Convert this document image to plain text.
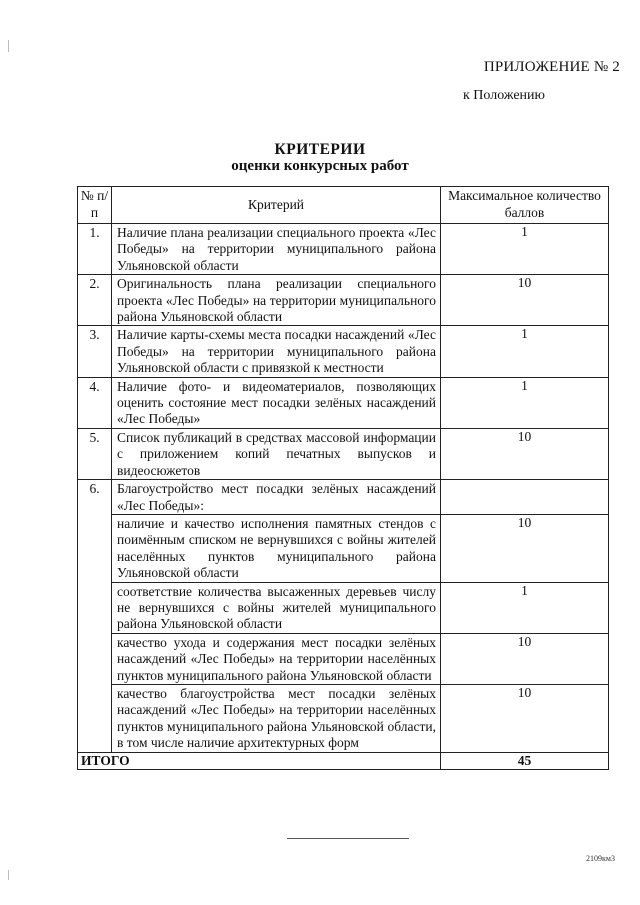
ПРИЛОЖЕНИЕ № 2
к Положению
КРИТЕРИИ
оценки конкурсных работ
№ п/п	Критерий	Максимальное количество баллов
1.	Наличие плана реализации специального проекта «Лес Победы» на территории муниципального района Ульяновской области	1
2.	Оригинальность плана реализации специального проекта «Лес Победы» на территории муниципального района Ульяновской области	10
3.	Наличие карты-схемы места посадки насаждений «Лес Победы» на территории муниципального района Ульяновской области с привязкой к местности	1
4.	Наличие фото- и видеоматериалов, позволяющих оценить состояние мест посадки зелёных насаждений «Лес Победы»	1
5.	Список публикаций в средствах массовой информации с приложением копий печатных выпусков и видеосюжетов	10
6.	Благоустройство мест посадки зелёных насаждений «Лес Победы»:	
	наличие и качество исполнения памятных стендов с поимённым списком не вернувшихся с войны жителей населённых пунктов муниципального района Ульяновской области	10
	соответствие количества высаженных деревьев числу не вернувшихся с войны жителей муниципального района Ульяновской области	1
	качество ухода и содержания мест посадки зелёных насаждений «Лес Победы» на территории населённых пунктов муниципального района Ульяновской области	10
	качество благоустройства мест посадки зелёных насаждений «Лес Победы» на территории населённых пунктов муниципального района Ульяновской области, в том числе наличие архитектурных форм	10
ИТОГО		45
2109км3
